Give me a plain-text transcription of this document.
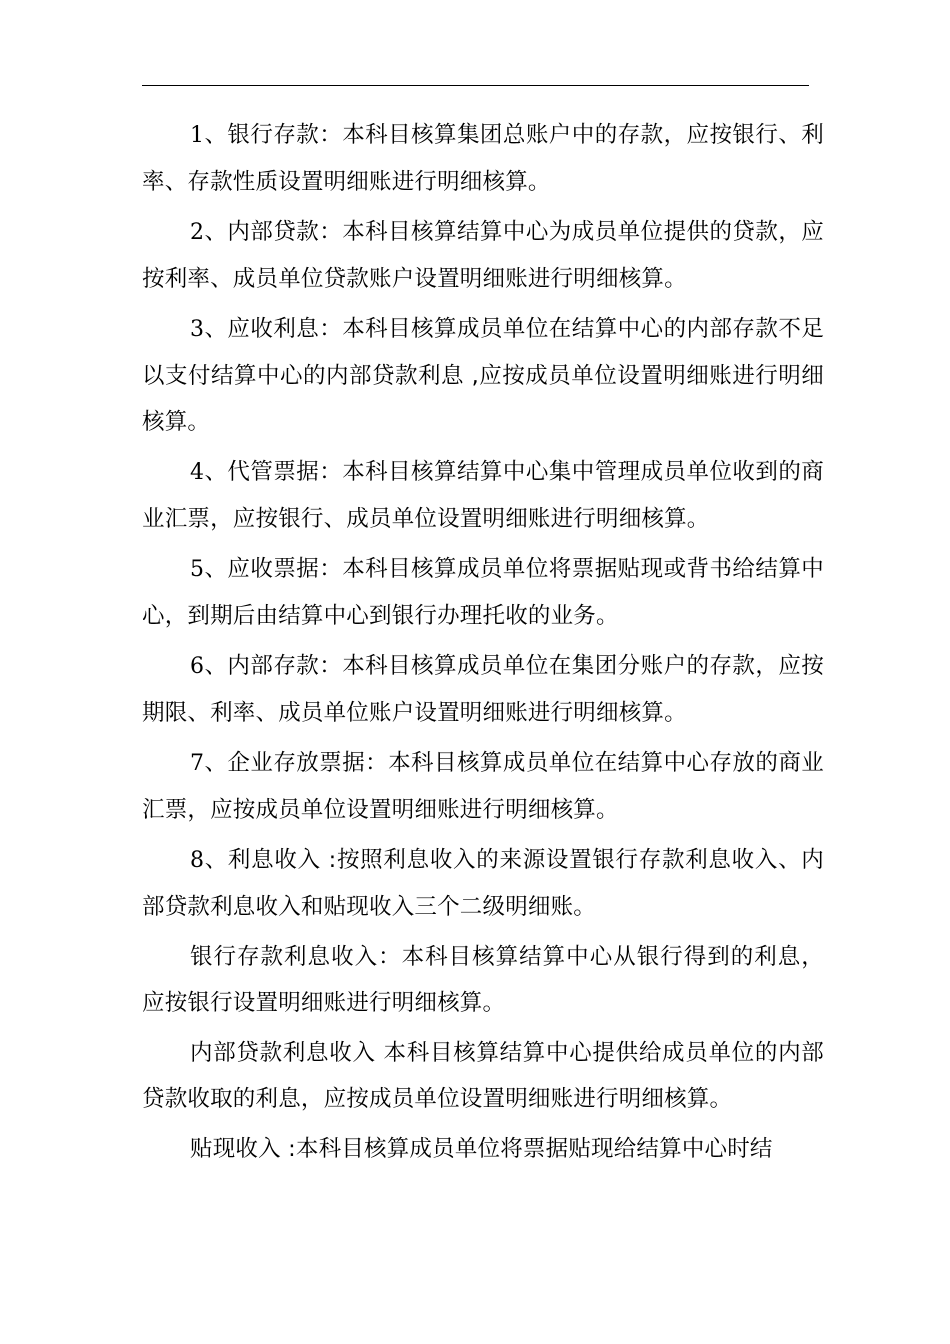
1、银行存款：本科目核算集团总账户中的存款，应按银行、利率、存款性质设置明细账进行明细核算。

2、内部贷款：本科目核算结算中心为成员单位提供的贷款，应按利率、成员单位贷款账户设置明细账进行明细核算。

3、应收利息：本科目核算成员单位在结算中心的内部存款不足以支付结算中心的内部贷款利息 ,应按成员单位设置明细账进行明细核算。

4、代管票据：本科目核算结算中心集中管理成员单位收到的商业汇票，应按银行、成员单位设置明细账进行明细核算。

5、应收票据：本科目核算成员单位将票据贴现或背书给结算中心，到期后由结算中心到银行办理托收的业务。

6、内部存款：本科目核算成员单位在集团分账户的存款，应按期限、利率、成员单位账户设置明细账进行明细核算。

7、企业存放票据：本科目核算成员单位在结算中心存放的商业汇票，应按成员单位设置明细账进行明细核算。

8、利息收入 :按照利息收入的来源设置银行存款利息收入、内部贷款利息收入和贴现收入三个二级明细账。

银行存款利息收入：本科目核算结算中心从银行得到的利息，应按银行设置明细账进行明细核算。

内部贷款利息收入 本科目核算结算中心提供给成员单位的内部贷款收取的利息，应按成员单位设置明细账进行明细核算。

贴现收入 :本科目核算成员单位将票据贴现给结算中心时结
